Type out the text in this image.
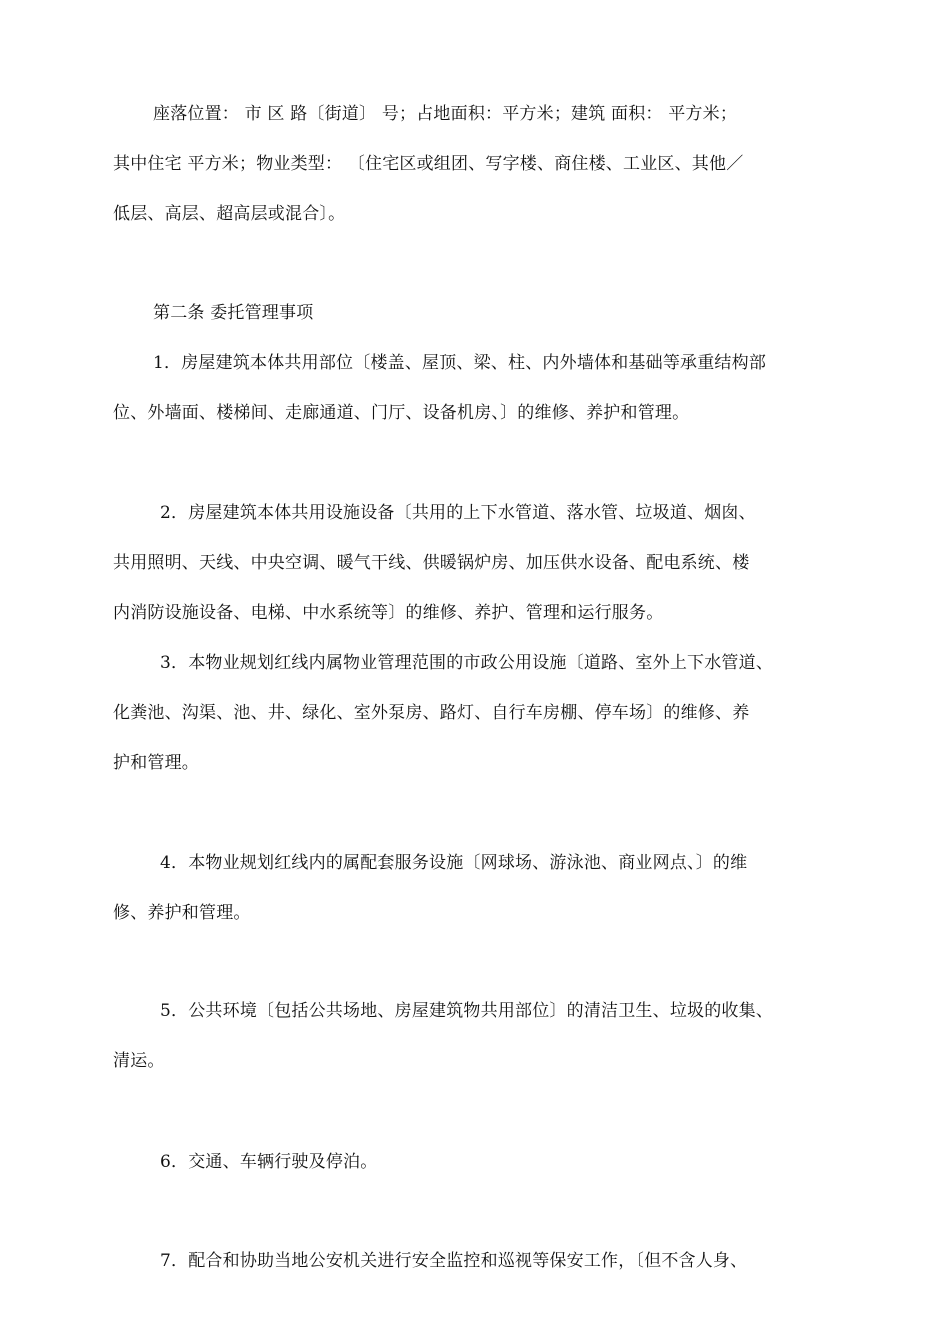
座落位置： 市 区 路〔街道〕 号；占地面积：平方米；建筑 面积： 平方米；
其中住宅 平方米；物业类型： 〔住宅区或组团、写字楼、商住楼、工业区、其他／
低层、高层、超高层或混合〕。
第二条 委托管理事项
1．房屋建筑本体共用部位〔楼盖、屋顶、梁、柱、内外墙体和基础等承重结构部
位、外墙面、楼梯间、走廊通道、门厅、设备机房、〕的维修、养护和管理。
2．房屋建筑本体共用设施设备〔共用的上下水管道、落水管、垃圾道、烟囱、
共用照明、天线、中央空调、暖气干线、供暖锅炉房、加压供水设备、配电系统、楼
内消防设施设备、电梯、中水系统等〕的维修、养护、管理和运行服务。
3．本物业规划红线内属物业管理范围的市政公用设施〔道路、室外上下水管道、
化粪池、沟渠、池、井、绿化、室外泵房、路灯、自行车房棚、停车场〕的维修、养
护和管理。
4．本物业规划红线内的属配套服务设施〔网球场、游泳池、商业网点、〕的维
修、养护和管理。
5．公共环境〔包括公共场地、房屋建筑物共用部位〕的清洁卫生、垃圾的收集、
清运。
6．交通、车辆行驶及停泊。
7．配合和协助当地公安机关进行安全监控和巡视等保安工作，〔但不含人身、
